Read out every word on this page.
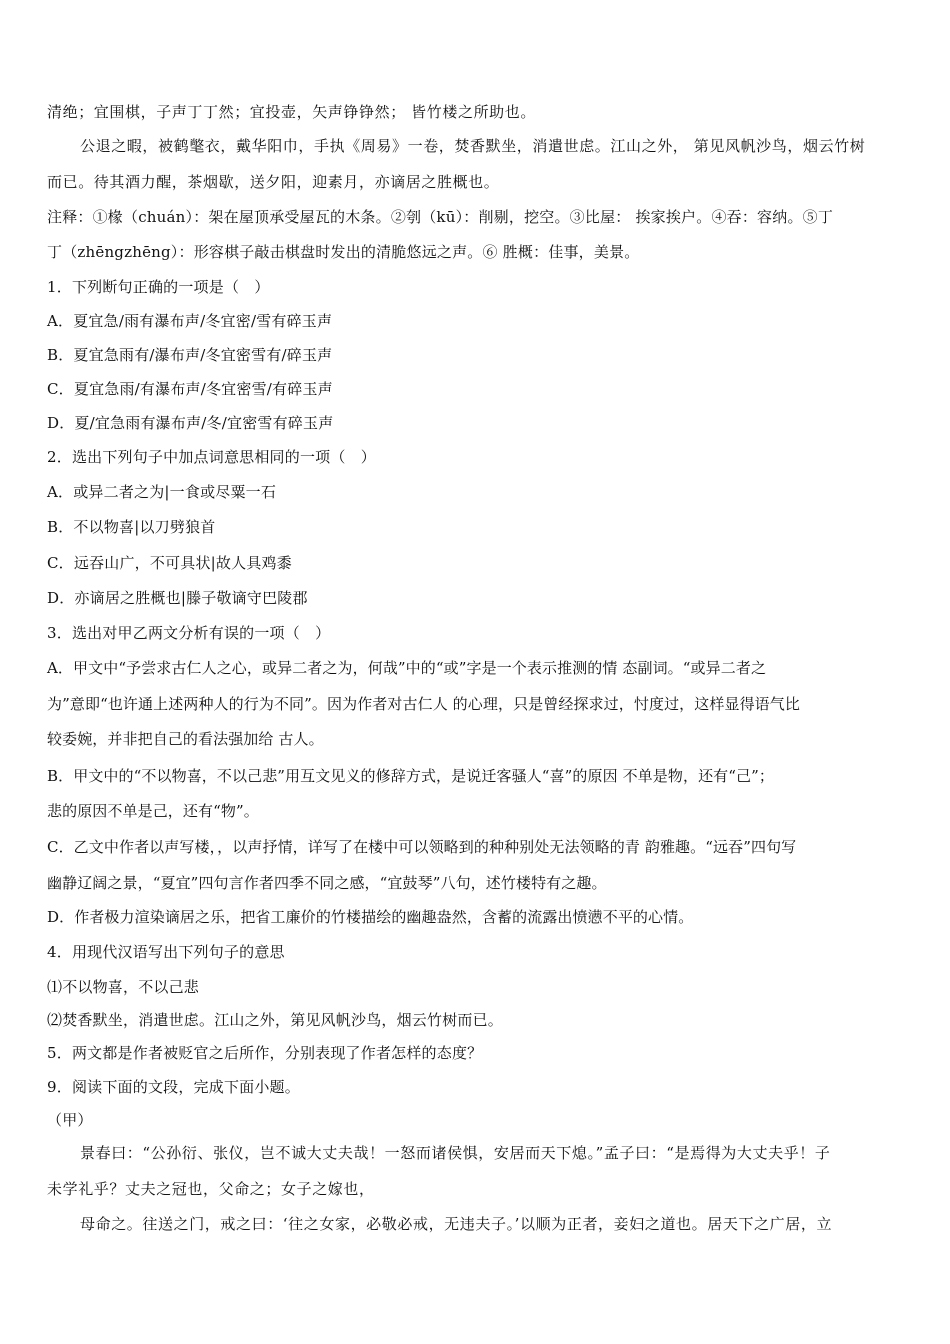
清绝；宜围棋，子声丁丁然；宜投壶，矢声铮铮然； 皆竹楼之所助也。
公退之暇，被鹤氅衣，戴华阳巾，手执《周易》一卷，焚香默坐，消遣世虑。江山之外， 第见风帆沙鸟，烟云竹树
而已。待其酒力醒，茶烟歇，送夕阳，迎素月，亦谪居之胜概也。
注释：①椽（chuán）：架在屋顶承受屋瓦的木条。②刳（kū）：削剔，挖空。③比屋： 挨家挨户。④吞：容纳。⑤丁
丁（zhēngzhēng）：形容棋子敲击棋盘时发出的清脆悠远之声。⑥ 胜概：佳事，美景。
1．下列断句正确的一项是（　）
A．夏宜急/雨有瀑布声/冬宜密/雪有碎玉声
B．夏宜急雨有/瀑布声/冬宜密雪有/碎玉声
C．夏宜急雨/有瀑布声/冬宜密雪/有碎玉声
D．夏/宜急雨有瀑布声/冬/宜密雪有碎玉声
2．选出下列句子中加点词意思相同的一项（　）
A．或异二者之为|一食或尽粟一石
B．不以物喜|以刀劈狼首
C．远吞山广，不可具状|故人具鸡黍
D．亦谪居之胜概也|滕子敬谪守巴陵郡
3．选出对甲乙两文分析有误的一项（　）
A．甲文中“予尝求古仁人之心，或异二者之为，何哉”中的“或”字是一个表示推测的情 态副词。“或异二者之
为”意即“也许通上述两种人的行为不同”。因为作者对古仁人 的心理，只是曾经探求过，忖度过，这样显得语气比
较委婉，并非把自己的看法强加给 古人。
B．甲文中的“不以物喜，不以己悲”用互文见义的修辞方式，是说迁客骚人“喜”的原因 不单是物，还有“己”；
悲的原因不单是己，还有“物”。
C．乙文中作者以声写楼，，以声抒情，详写了在楼中可以领略到的种种别处无法领略的青 韵雅趣。“远吞”四句写
幽静辽阔之景，“夏宜”四句言作者四季不同之感，“宜鼓琴”八句，述竹楼特有之趣。
D．作者极力渲染谪居之乐，把省工廉价的竹楼描绘的幽趣盎然，含蓄的流露出愤懑不平的心情。
4．用现代汉语写出下列句子的意思
⑴不以物喜，不以己悲
⑵焚香默坐，消遣世虑。江山之外，第见风帆沙鸟，烟云竹树而已。
5．两文都是作者被贬官之后所作，分别表现了作者怎样的态度？
9．阅读下面的文段，完成下面小题。
（甲）
景春曰：“公孙衍、张仪，岂不诚大丈夫哉！一怒而诸侯惧，安居而天下熄。”孟子曰：“是焉得为大丈夫乎！子
未学礼乎？丈夫之冠也，父命之；女子之嫁也，
母命之。往送之门，戒之曰：‘往之女家，必敬必戒，无违夫子。’以顺为正者，妾妇之道也。居天下之广居，立
